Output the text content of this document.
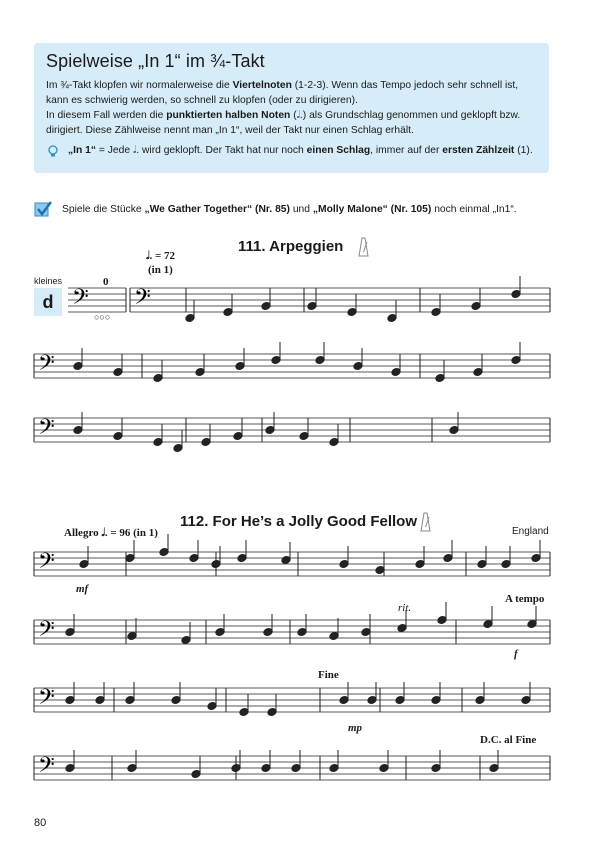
Spielweise „In 1“ im ¾-Takt

Im ¾-Takt klopfen wir normalerweise die Viertelnoten (1-2-3). Wenn das Tempo jedoch sehr schnell ist, kann es schwierig werden, so schnell zu klopfen (oder zu dirigieren).

In diesem Fall werden die punktierten halben Noten (𝅗𝅥.) als Grundschlag genommen und geklopft bzw. dirigiert. Diese Zählweise nennt man „In 1“, weil der Takt nur einen Schlag erhält.

„In 1“ = Jede 𝅗𝅥. wird geklopft. Der Takt hat nur noch einen Schlag, immer auf der ersten Zählzeit (1).
Spiele die Stücke „We Gather Together“ (Nr. 85) und „Molly Malone“ (Nr. 105) noch einmal „In1“.
111. Arpeggien
𝅗𝅥. = 72
(in 1)
kleines
d
0
○○○
112. For He’s a Jolly Good Fellow
Allegro 𝅗𝅥. = 96 (in 1)	England
mf
rit.
A tempo
f
Fine
mp
D.C. al Fine
80
𝄢 𝄢
𝄢
𝄢
𝄢
𝄢
𝄢
𝄢
